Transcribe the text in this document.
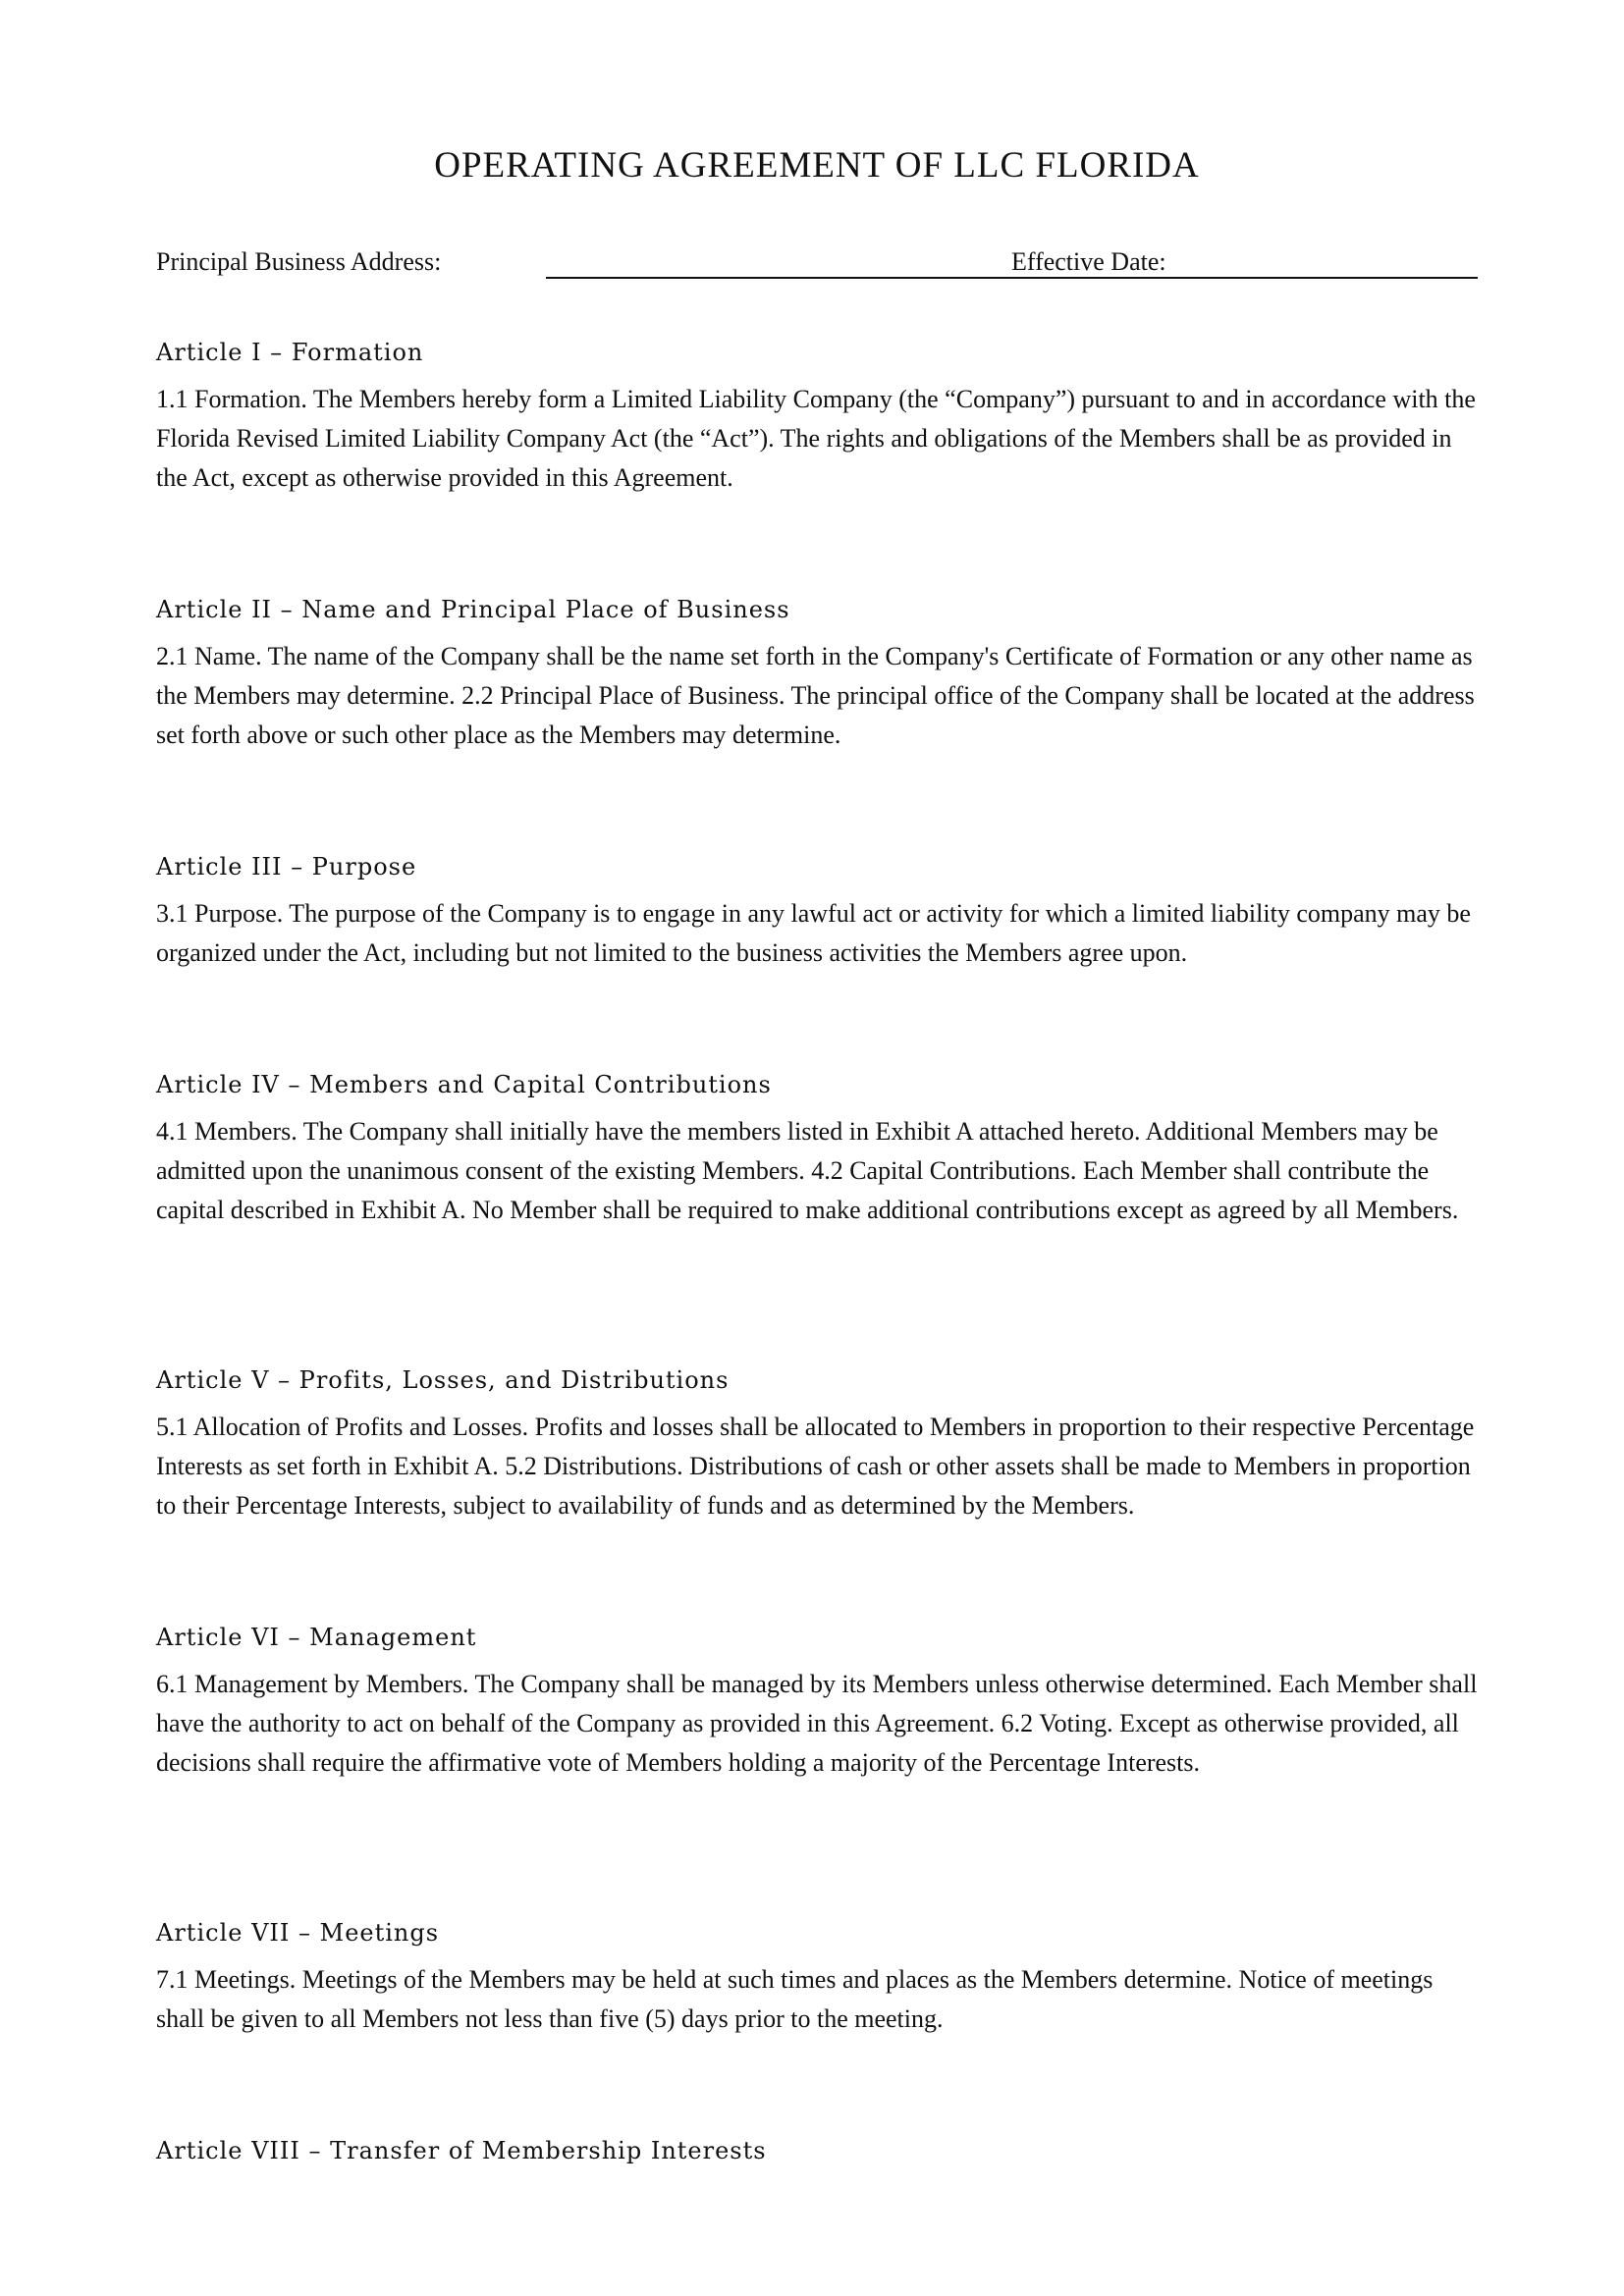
OPERATING AGREEMENT OF LLC FLORIDA
Principal Business Address:	Effective Date:
Article I – Formation

1.1 Formation. The Members hereby form a Limited Liability Company (the “Company”) pursuant to and in accordance with the Florida Revised Limited Liability Company Act (the “Act”). The rights and obligations of the Members shall be as provided in the Act, except as otherwise provided in this Agreement.

Article II – Name and Principal Place of Business

2.1 Name. The name of the Company shall be the name set forth in the Company's Certificate of Formation or any other name as the Members may determine. 2.2 Principal Place of Business. The principal office of the Company shall be located at the address set forth above or such other place as the Members may determine.

Article III – Purpose

3.1 Purpose. The purpose of the Company is to engage in any lawful act or activity for which a limited liability company may be organized under the Act, including but not limited to the business activities the Members agree upon.

Article IV – Members and Capital Contributions

4.1 Members. The Company shall initially have the members listed in Exhibit A attached hereto. Additional Members may be admitted upon the unanimous consent of the existing Members. 4.2 Capital Contributions. Each Member shall contribute the capital described in Exhibit A. No Member shall be required to make additional contributions except as agreed by all Members.

Article V – Profits, Losses, and Distributions

5.1 Allocation of Profits and Losses. Profits and losses shall be allocated to Members in proportion to their respective Percentage Interests as set forth in Exhibit A. 5.2 Distributions. Distributions of cash or other assets shall be made to Members in proportion to their Percentage Interests, subject to availability of funds and as determined by the Members.

Article VI – Management

6.1 Management by Members. The Company shall be managed by its Members unless otherwise determined. Each Member shall have the authority to act on behalf of the Company as provided in this Agreement. 6.2 Voting. Except as otherwise provided, all decisions shall require the affirmative vote of Members holding a majority of the Percentage Interests.

Article VII – Meetings

7.1 Meetings. Meetings of the Members may be held at such times and places as the Members determine. Notice of meetings shall be given to all Members not less than five (5) days prior to the meeting.

Article VIII – Transfer of Membership Interests
